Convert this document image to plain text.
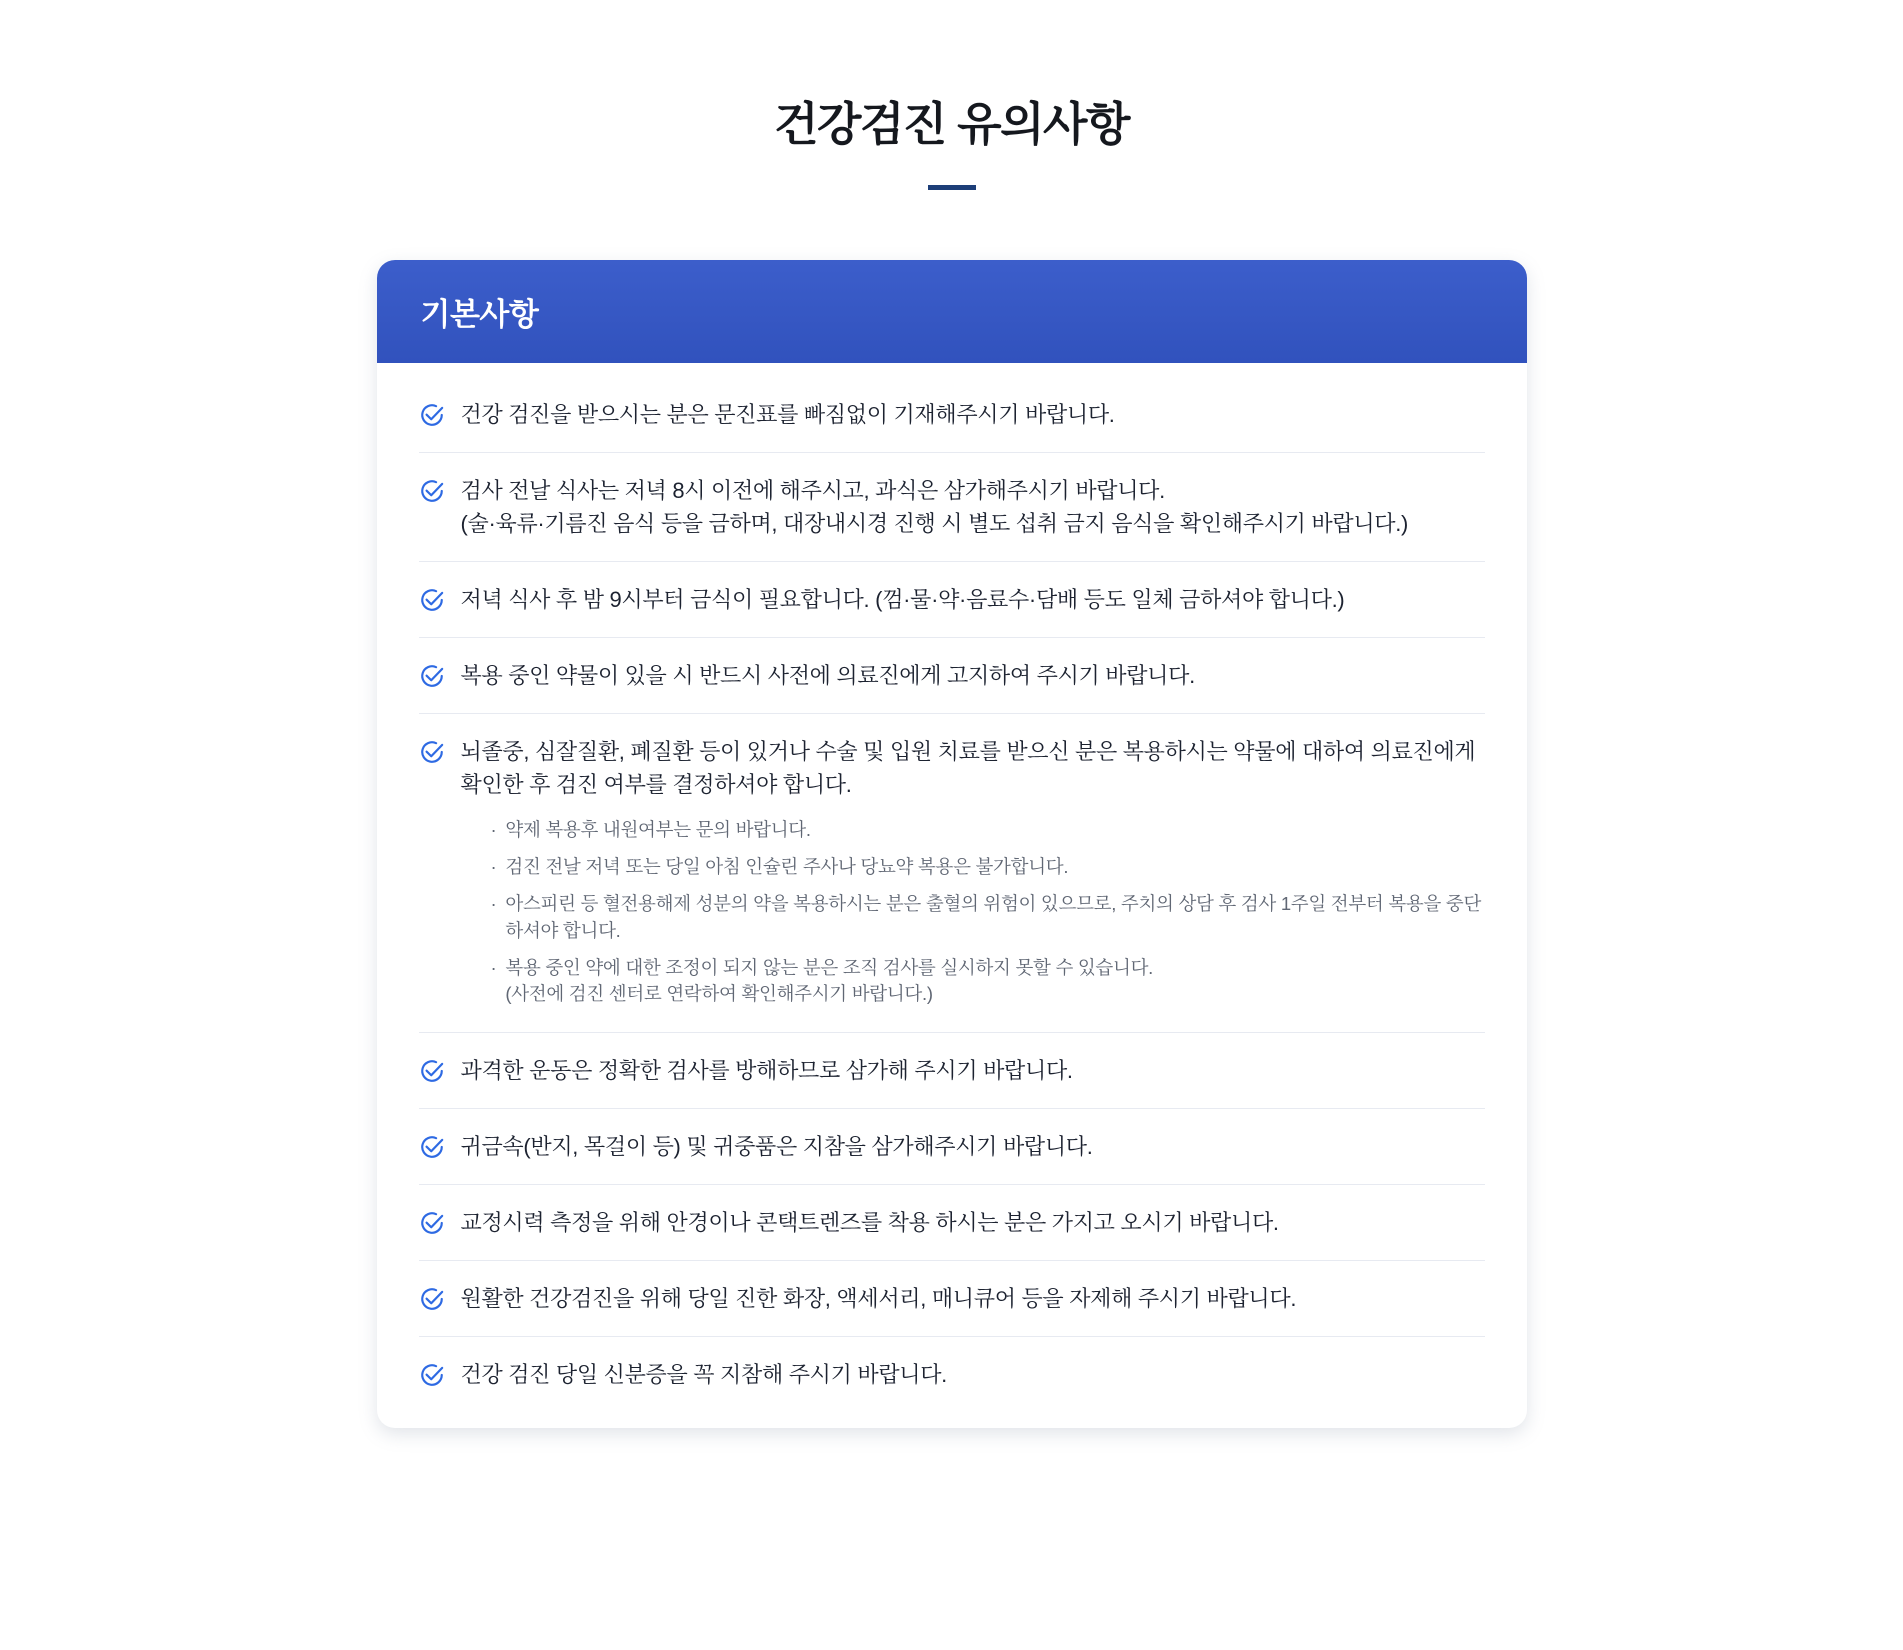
건강검진 유의사항
기본사항
건강 검진을 받으시는 분은 문진표를 빠짐없이 기재해주시기 바랍니다.
검사 전날 식사는 저녁 8시 이전에 해주시고, 과식은 삼가해주시기 바랍니다.
(술·육류·기름진 음식 등을 금하며, 대장내시경 진행 시 별도 섭취 금지 음식을 확인해주시기 바랍니다.)
저녁 식사 후 밤 9시부터 금식이 필요합니다. (껌·물·약·음료수·담배 등도 일체 금하셔야 합니다.)
복용 중인 약물이 있을 시 반드시 사전에 의료진에게 고지하여 주시기 바랍니다.
뇌졸중, 심잘질환, 폐질환 등이 있거나 수술 및 입원 치료를 받으신 분은 복용하시는 약물에 대하여 의료진에게 확인한 후 검진 여부를 결정하셔야 합니다.
· 약제 복용후 내원여부는 문의 바랍니다.
· 검진 전날 저녁 또는 당일 아침 인슐린 주사나 당뇨약 복용은 불가합니다.
· 아스피린 등 혈전용해제 성분의 약을 복용하시는 분은 출혈의 위험이 있으므로, 주치의 상담 후 검사 1주일 전부터 복용을 중단하셔야 합니다.
· 복용 중인 약에 대한 조정이 되지 않는 분은 조직 검사를 실시하지 못할 수 있습니다.
(사전에 검진 센터로 연락하여 확인해주시기 바랍니다.)
과격한 운동은 정확한 검사를 방해하므로 삼가해 주시기 바랍니다.
귀금속(반지, 목걸이 등) 및 귀중품은 지참을 삼가해주시기 바랍니다.
교정시력 측정을 위해 안경이나 콘택트렌즈를 착용 하시는 분은 가지고 오시기 바랍니다.
원활한 건강검진을 위해 당일 진한 화장, 액세서리, 매니큐어 등을 자제해 주시기 바랍니다.
건강 검진 당일 신분증을 꼭 지참해 주시기 바랍니다.
